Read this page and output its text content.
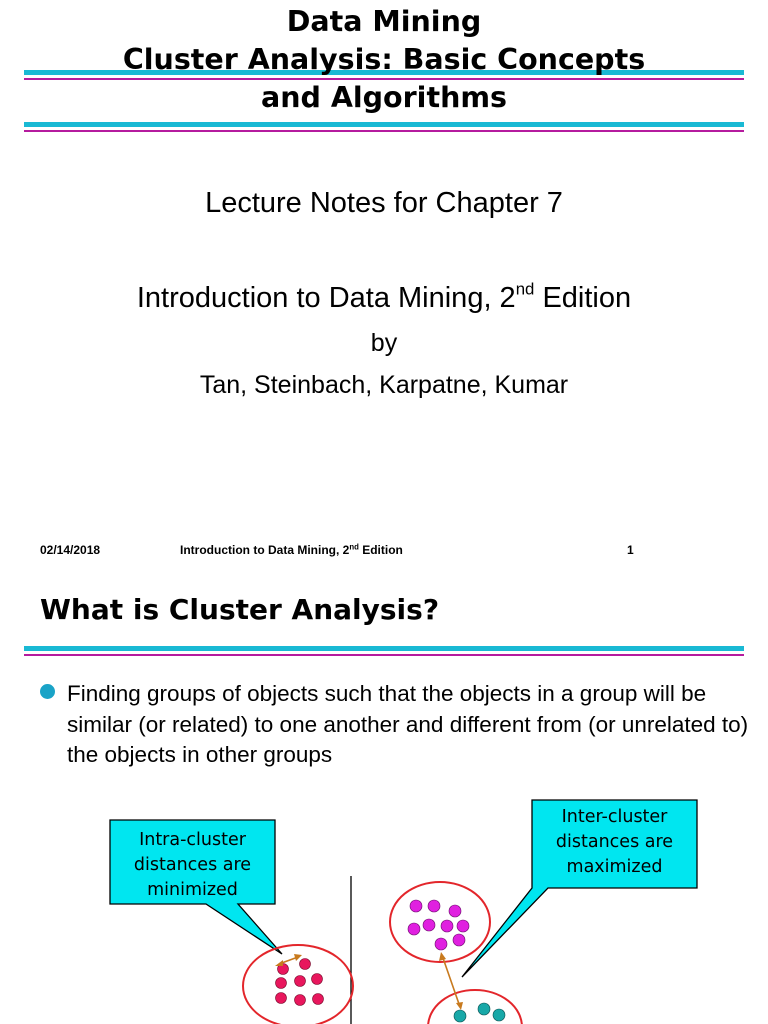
Data Mining
Cluster Analysis: Basic Concepts
and Algorithms
Lecture Notes for Chapter 7
Introduction to Data Mining, 2nd Edition
by
Tan, Steinbach, Karpatne, Kumar
02/14/2018	Introduction to Data Mining, 2nd Edition	1
What is Cluster Analysis?
Finding groups of objects such that the objects in a group will be similar (or related) to one another and different from (or unrelated to) the objects in other groups
Intra-cluster
distances are
minimized
Inter-cluster
distances are
maximized
